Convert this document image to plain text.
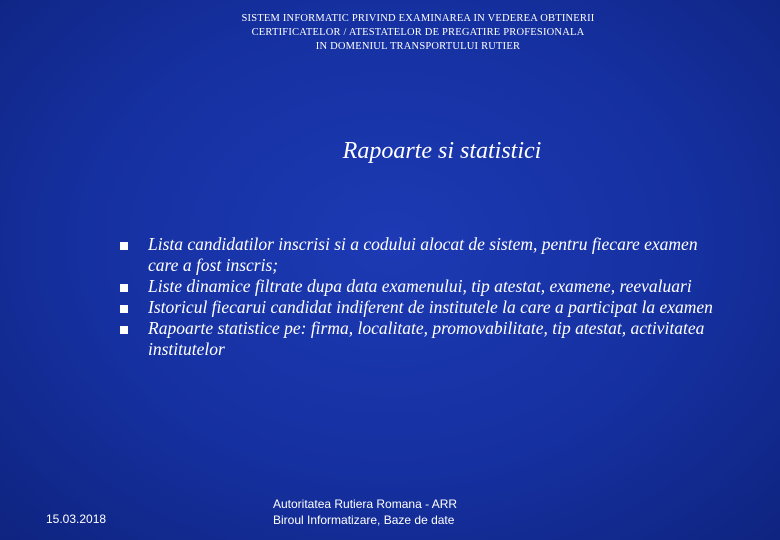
SISTEM INFORMATIC PRIVIND EXAMINAREA IN VEDEREA OBTINERII
CERTIFICATELOR / ATESTATELOR DE PREGATIRE PROFESIONALA
IN DOMENIUL TRANSPORTULUI RUTIER
Rapoarte si statistici
Lista candidatilor inscrisi si a codului alocat de sistem, pentru fiecare examen
care a fost inscris;
Liste dinamice filtrate dupa data examenului, tip atestat, examene, reevaluari
Istoricul fiecarui candidat indiferent de institutele la care a participat la examen
Rapoarte statistice pe: firma, localitate, promovabilitate, tip atestat, activitatea
institutelor
15.03.2018
Autoritatea Rutiera Romana - ARR
Biroul Informatizare, Baze de date
